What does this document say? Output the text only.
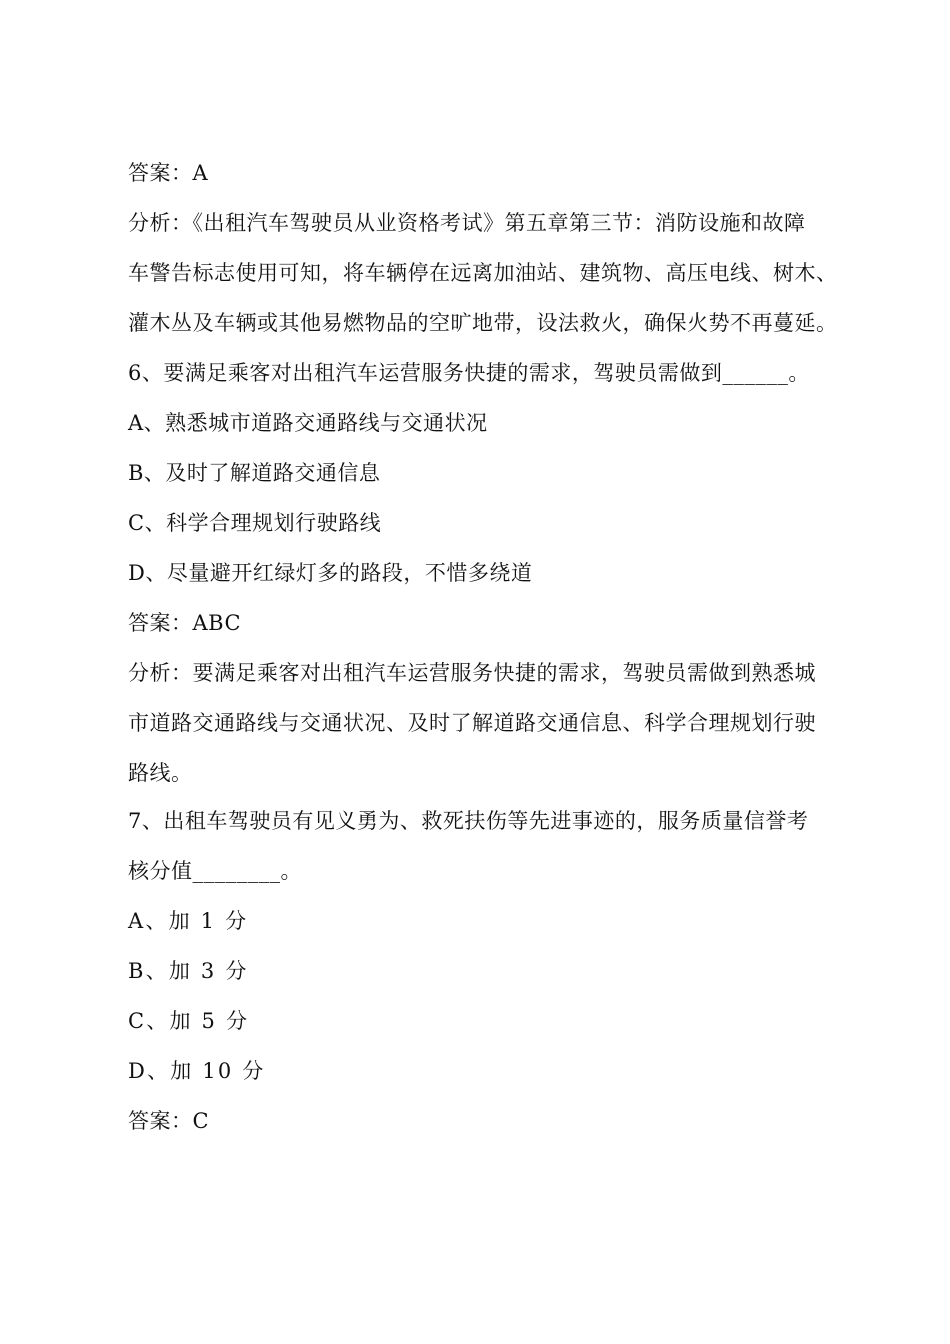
答案：A
分析：《出租汽车驾驶员从业资格考试》第五章第三节：消防设施和故障
车警告标志使用可知，将车辆停在远离加油站、建筑物、高压电线、树木、
灌木丛及车辆或其他易燃物品的空旷地带，设法救火，确保火势不再蔓延。
6、要满足乘客对出租汽车运营服务快捷的需求，驾驶员需做到______。
A、熟悉城市道路交通路线与交通状况
B、及时了解道路交通信息
C、科学合理规划行驶路线
D、尽量避开红绿灯多的路段，不惜多绕道
答案：ABC
分析：要满足乘客对出租汽车运营服务快捷的需求，驾驶员需做到熟悉城
市道路交通路线与交通状况、及时了解道路交通信息、科学合理规划行驶
路线。
7、出租车驾驶员有见义勇为、救死扶伤等先进事迹的，服务质量信誉考
核分值________。
A、加 1 分
B、加 3 分
C、加 5 分
D、加 10 分
答案：C
